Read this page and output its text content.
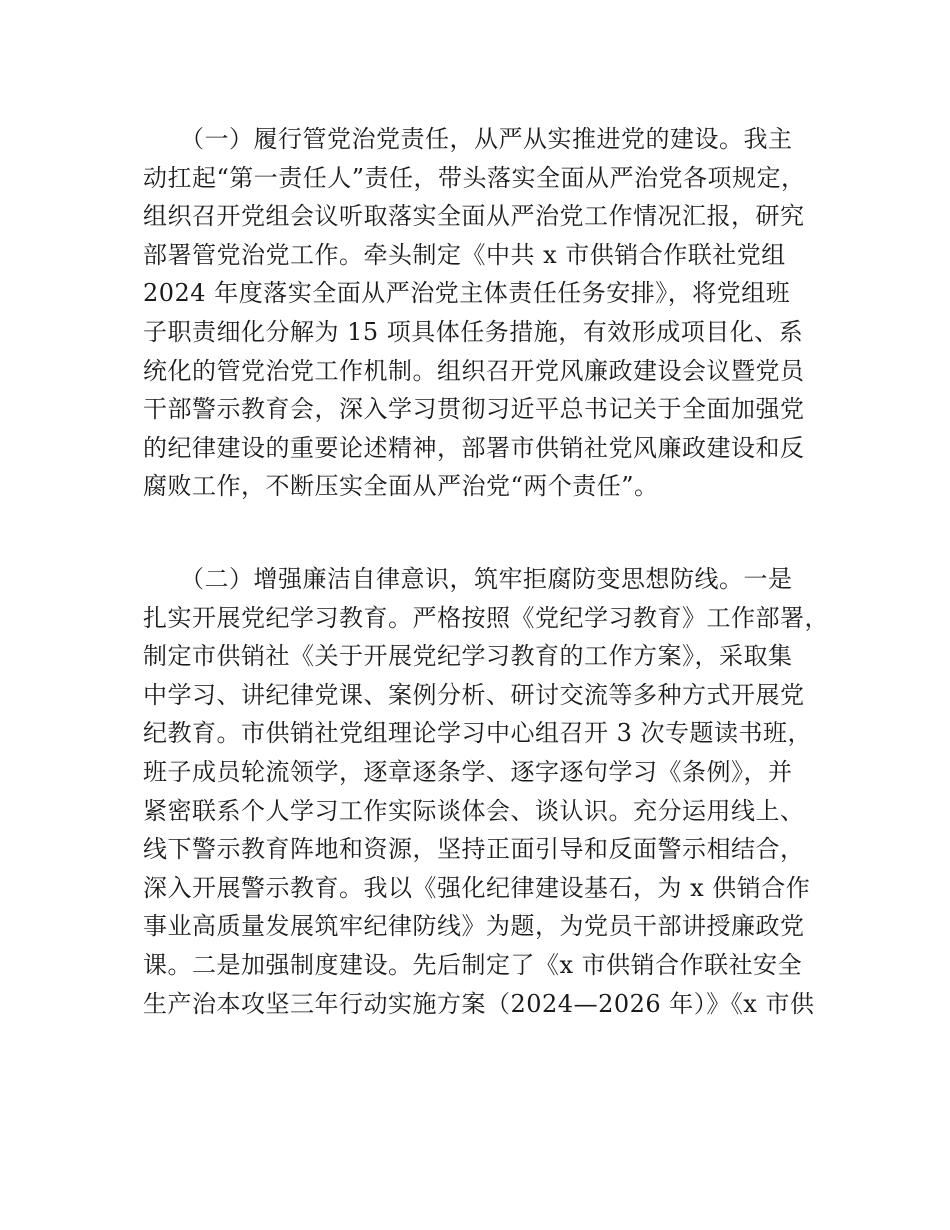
　　（一）履行管党治党责任，从严从实推进党的建设。我主
动扛起“第一责任人”责任，带头落实全面从严治党各项规定，
组织召开党组会议听取落实全面从严治党工作情况汇报，研究
部署管党治党工作。牵头制定《中共 x 市供销合作联社党组
2024 年度落实全面从严治党主体责任任务安排》，将党组班
子职责细化分解为 15 项具体任务措施，有效形成项目化、系
统化的管党治党工作机制。组织召开党风廉政建设会议暨党员
干部警示教育会，深入学习贯彻习近平总书记关于全面加强党
的纪律建设的重要论述精神，部署市供销社党风廉政建设和反
腐败工作，不断压实全面从严治党“两个责任”。
　　（二）增强廉洁自律意识，筑牢拒腐防变思想防线。一是
扎实开展党纪学习教育。严格按照《党纪学习教育》工作部署，
制定市供销社《关于开展党纪学习教育的工作方案》，采取集
中学习、讲纪律党课、案例分析、研讨交流等多种方式开展党
纪教育。市供销社党组理论学习中心组召开 3 次专题读书班，
班子成员轮流领学，逐章逐条学、逐字逐句学习《条例》，并
紧密联系个人学习工作实际谈体会、谈认识。充分运用线上、
线下警示教育阵地和资源，坚持正面引导和反面警示相结合，
深入开展警示教育。我以《强化纪律建设基石，为 x 供销合作
事业高质量发展筑牢纪律防线》为题，为党员干部讲授廉政党
课。二是加强制度建设。先后制定了《x 市供销合作联社安全
生产治本攻坚三年行动实施方案（2024—2026 年）》《x 市供
